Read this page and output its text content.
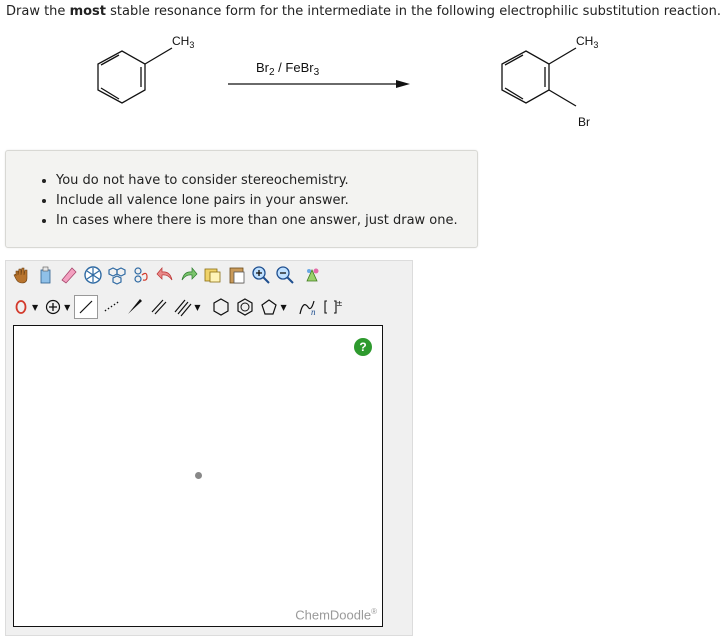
Draw the most stable resonance form for the intermediate in the following electrophilic substitution reaction.
$CH_3$
$Br_2$ / FeBr$_3$
$CH_3$
Br
• You do not have to consider stereochemistry.
• Include all valence lone pairs in your answer.
• In cases where there is more than one answer, just draw one.
▼	▼	▼	▼	n
±
?
ChemDoodle®
